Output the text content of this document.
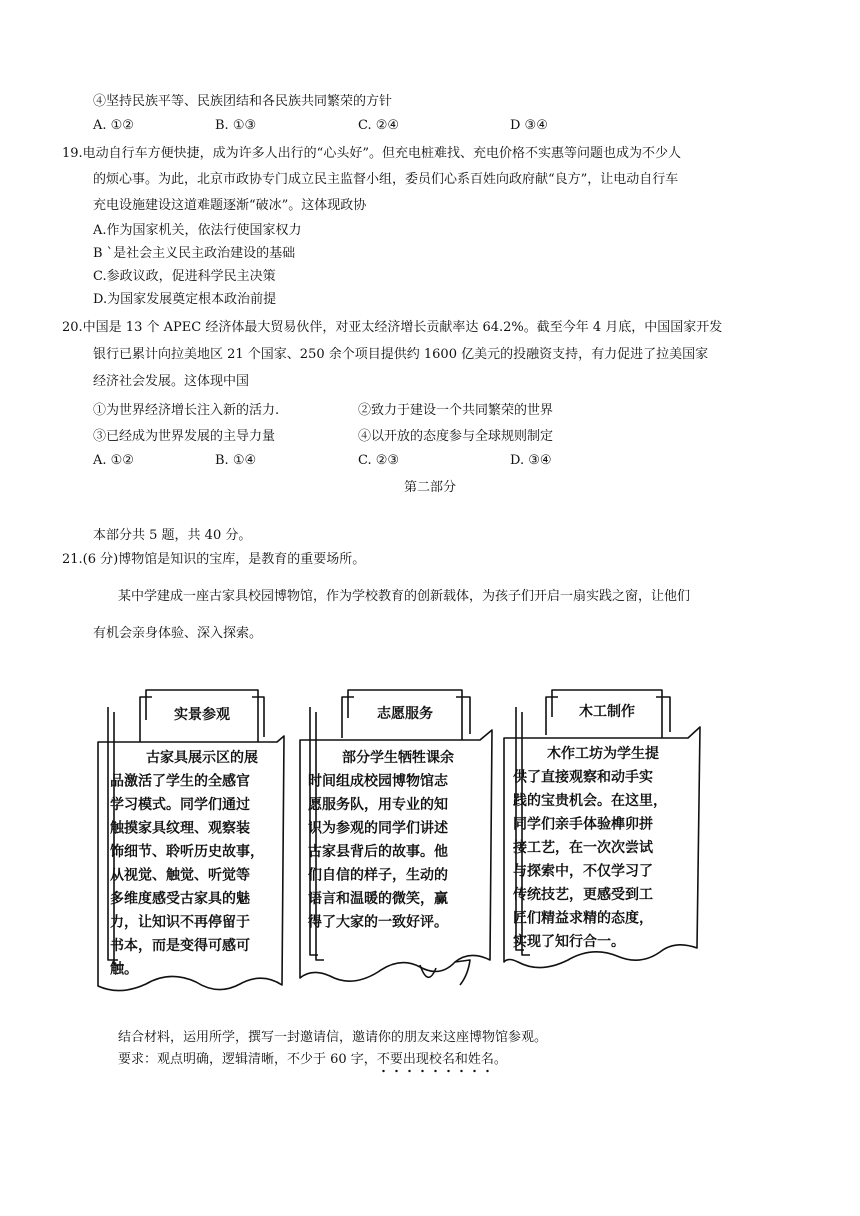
④坚持民族平等、民族团结和各民族共同繁荣的方针
A. ①②	B. ①③	C. ②④	D ③④
19.电动自行车方便快捷，成为许多人出行的“心头好”。但充电桩难找、充电价格不实惠等问题也成为不少人
的烦心事。为此，北京市政协专门成立民主监督小组，委员们心系百姓向政府献“良方”，让电动自行车
充电设施建设这道难题逐渐“破冰”。这体现政协
A.作为国家机关，依法行使国家权力
B `是社会主义民主政治建设的基础
C.参政议政，促进科学民主决策
D.为国家发展奠定根本政治前提
20.中国是 13 个 APEC 经济体最大贸易伙伴，对亚太经济增长贡献率达 64.2%。截至今年 4 月底，中国国家开发
银行已累计向拉美地区 21 个国家、250 余个项目提供约 1600 亿美元的投融资支持，有力促进了拉美国家
经济社会发展。这体现中国
①为世界经济增长注入新的活力.	②致力于建设一个共同繁荣的世界
③已经成为世界发展的主导力量	④以开放的态度参与全球规则制定
A. ①②	B. ①④	C. ②③	D. ③④
第二部分
本部分共 5 题，共 40 分。
21.(6 分)博物馆是知识的宝库，是教育的重要场所。
某中学建成一座古家具校园博物馆，作为学校教育的创新载体，为孩子们开启一扇实践之窗，让他们
有机会亲身体验、深入探索。
实景参观	志愿服务	木工制作
古家具展示区的展
品激活了学生的全感官
学习模式。同学们通过
触摸家具纹理、观察装
饰细节、聆听历史故事，
从视觉、触觉、听觉等
多维度感受古家具的魅
力，让知识不再停留于
书本，而是变得可感可
触。
部分学生牺牲课余
时间组成校园博物馆志
愿服务队，用专业的知
识为参观的同学们讲述
古家县背后的故事。他
们自信的样子，生动的
语言和温暖的微笑，赢
得了大家的一致好评。
木作工坊为学生提
供了直接观察和动手实
践的宝贵机会。在这里，
同学们亲手体验榫卯拼
接工艺，在一次次尝试
与探索中，不仅学习了
传统技艺，更感受到工
匠们精益求精的态度，
实现了知行合一。
结合材料，运用所学，撰写一封邀请信，邀请你的朋友来这座博物馆参观。
要求：观点明确，逻辑清晰，不少于 60 字，不要出现校名和姓名
。
